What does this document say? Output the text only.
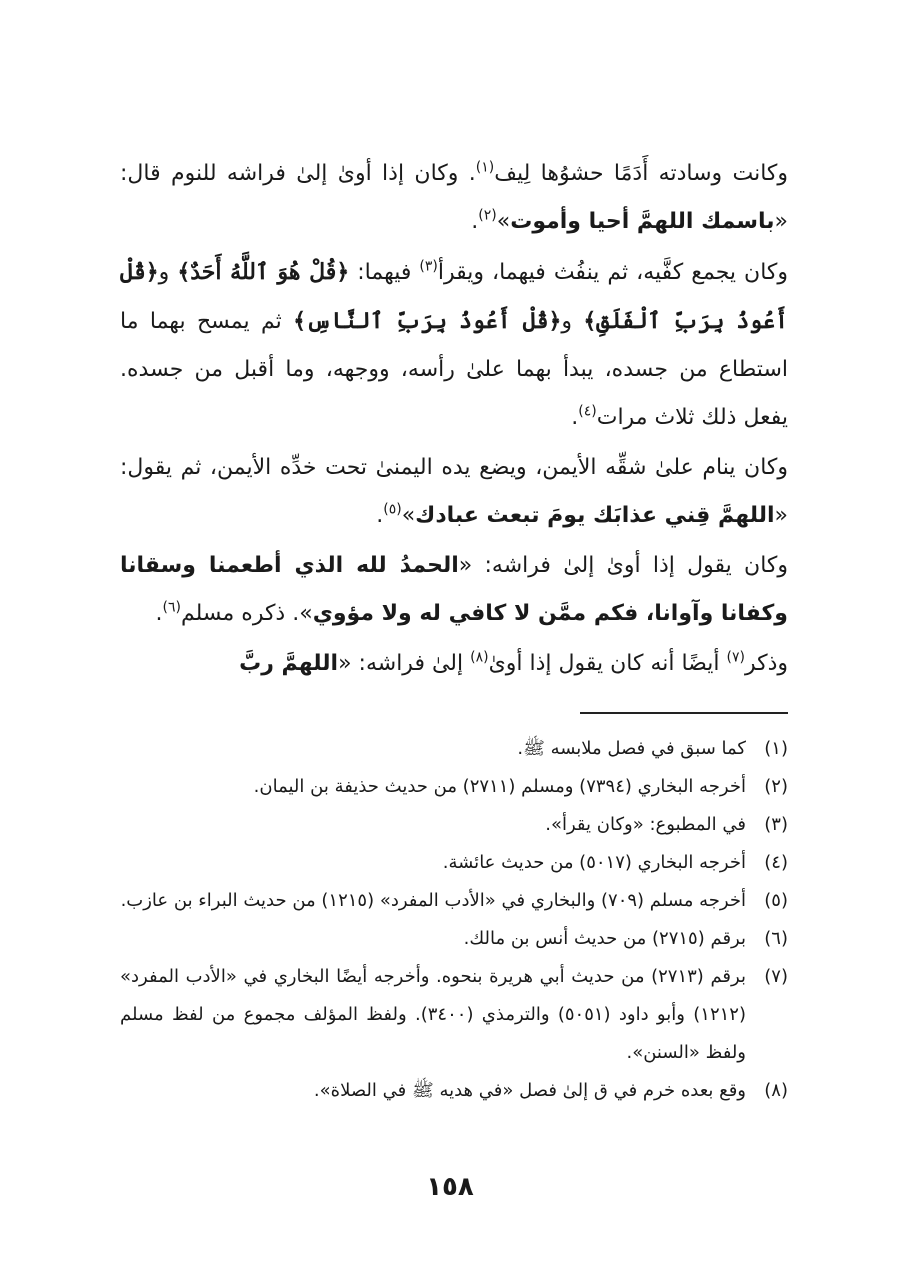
وكانت وسادته أَدَمًا حشوُها لِيف$^{(١)}$. وكان إذا أوىٰ إلىٰ فراشه للنوم قال: «باسمك اللهمَّ أحيا وأموت»$^{(٢)}$.

وكان يجمع كفَّيه، ثم ينفُث فيهما، ويقرأ$^{(٣)}$ فيهما: ﴿قُلْ هُوَ ٱللَّهُ أَحَدٌ﴾ و﴿قُلْ أَعُوذُ بِرَبِّ ٱلْفَلَقِ﴾ و﴿قُلْ أَعُوذُ بِرَبِّ ٱلنَّاسِ﴾ ثم يمسح بهما ما استطاع من جسده، يبدأ بهما علىٰ رأسه، ووجهه، وما أقبل من جسده. يفعل ذلك ثلاث مرات$^{(٤)}$.

وكان ينام علىٰ شقِّه الأيمن، ويضع يده اليمنىٰ تحت خدِّه الأيمن، ثم يقول: «اللهمَّ قِني عذابَك يومَ تبعث عبادك»$^{(٥)}$.

وكان يقول إذا أوىٰ إلىٰ فراشه: «الحمدُ لله الذي أطعمنا وسقانا وكفانا وآوانا، فكم ممَّن لا كافي له ولا مؤوي». ذكره مسلم$^{(٦)}$.

وذكر$^{(٧)}$ أيضًا أنه كان يقول إذا أوىٰ$^{(٨)}$ إلىٰ فراشه: «اللهمَّ ربَّ

(١)
كما سبق في فصل ملابسه ﷺ.
(٢)
أخرجه البخاري (٧٣٩٤) ومسلم (٢٧١١) من حديث حذيفة بن اليمان.
(٣)
في المطبوع: «وكان يقرأ».
(٤)
أخرجه البخاري (٥٠١٧) من حديث عائشة.
(٥)
أخرجه مسلم (٧٠٩) والبخاري في «الأدب المفرد» (١٢١٥) من حديث البراء بن عازب.
(٦)
برقم (٢٧١٥) من حديث أنس بن مالك.
(٧)
برقم (٢٧١٣) من حديث أبي هريرة بنحوه. وأخرجه أيضًا البخاري في «الأدب المفرد» (١٢١٢) وأبو داود (٥٠٥١) والترمذي (٣٤٠٠). ولفظ المؤلف مجموع من لفظ مسلم ولفظ «السنن».
(٨)
وقع بعده خرم في ق إلىٰ فصل «في هديه ﷺ في الصلاة».
١٥٨
